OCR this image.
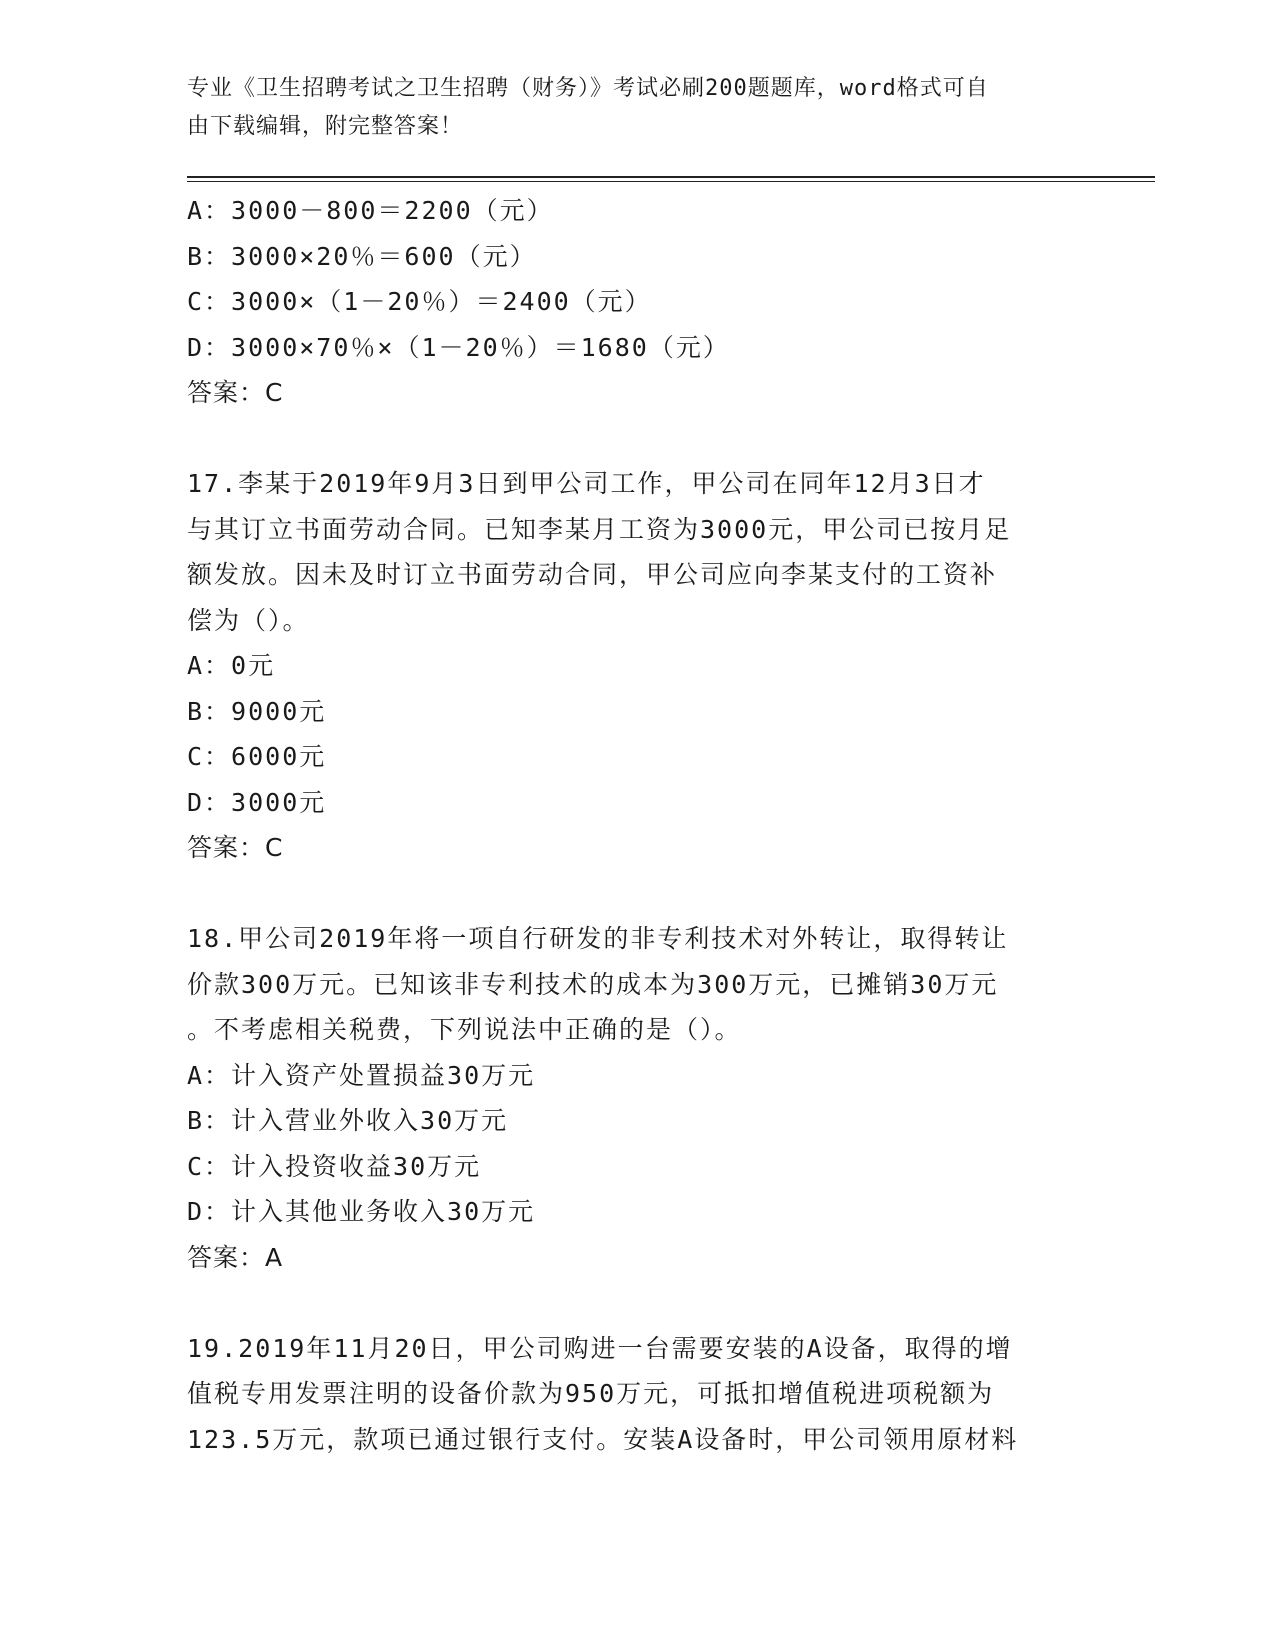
专业《卫生招聘考试之卫生招聘（财务）》考试必刷200题题库，word格式可自
由下载编辑，附完整答案！
A：3000－800＝2200（元）
B：3000×20％＝600（元）
C：3000×（1－20％）＝2400（元）
D：3000×70％×（1－20％）＝1680（元）
答案：C
17.李某于2019年9月3日到甲公司工作，甲公司在同年12月3日才
与其订立书面劳动合同。已知李某月工资为3000元，甲公司已按月足
额发放。因未及时订立书面劳动合同，甲公司应向李某支付的工资补
偿为（）。
A：0元
B：9000元
C：6000元
D：3000元
答案：C
18.甲公司2019年将一项自行研发的非专利技术对外转让，取得转让
价款300万元。已知该非专利技术的成本为300万元，已摊销30万元
。不考虑相关税费，下列说法中正确的是（）。
A：计入资产处置损益30万元
B：计入营业外收入30万元
C：计入投资收益30万元
D：计入其他业务收入30万元
答案：A
19.2019年11月20日，甲公司购进一台需要安装的A设备，取得的增
值税专用发票注明的设备价款为950万元，可抵扣增值税进项税额为
123.5万元，款项已通过银行支付。安装A设备时，甲公司领用原材料
